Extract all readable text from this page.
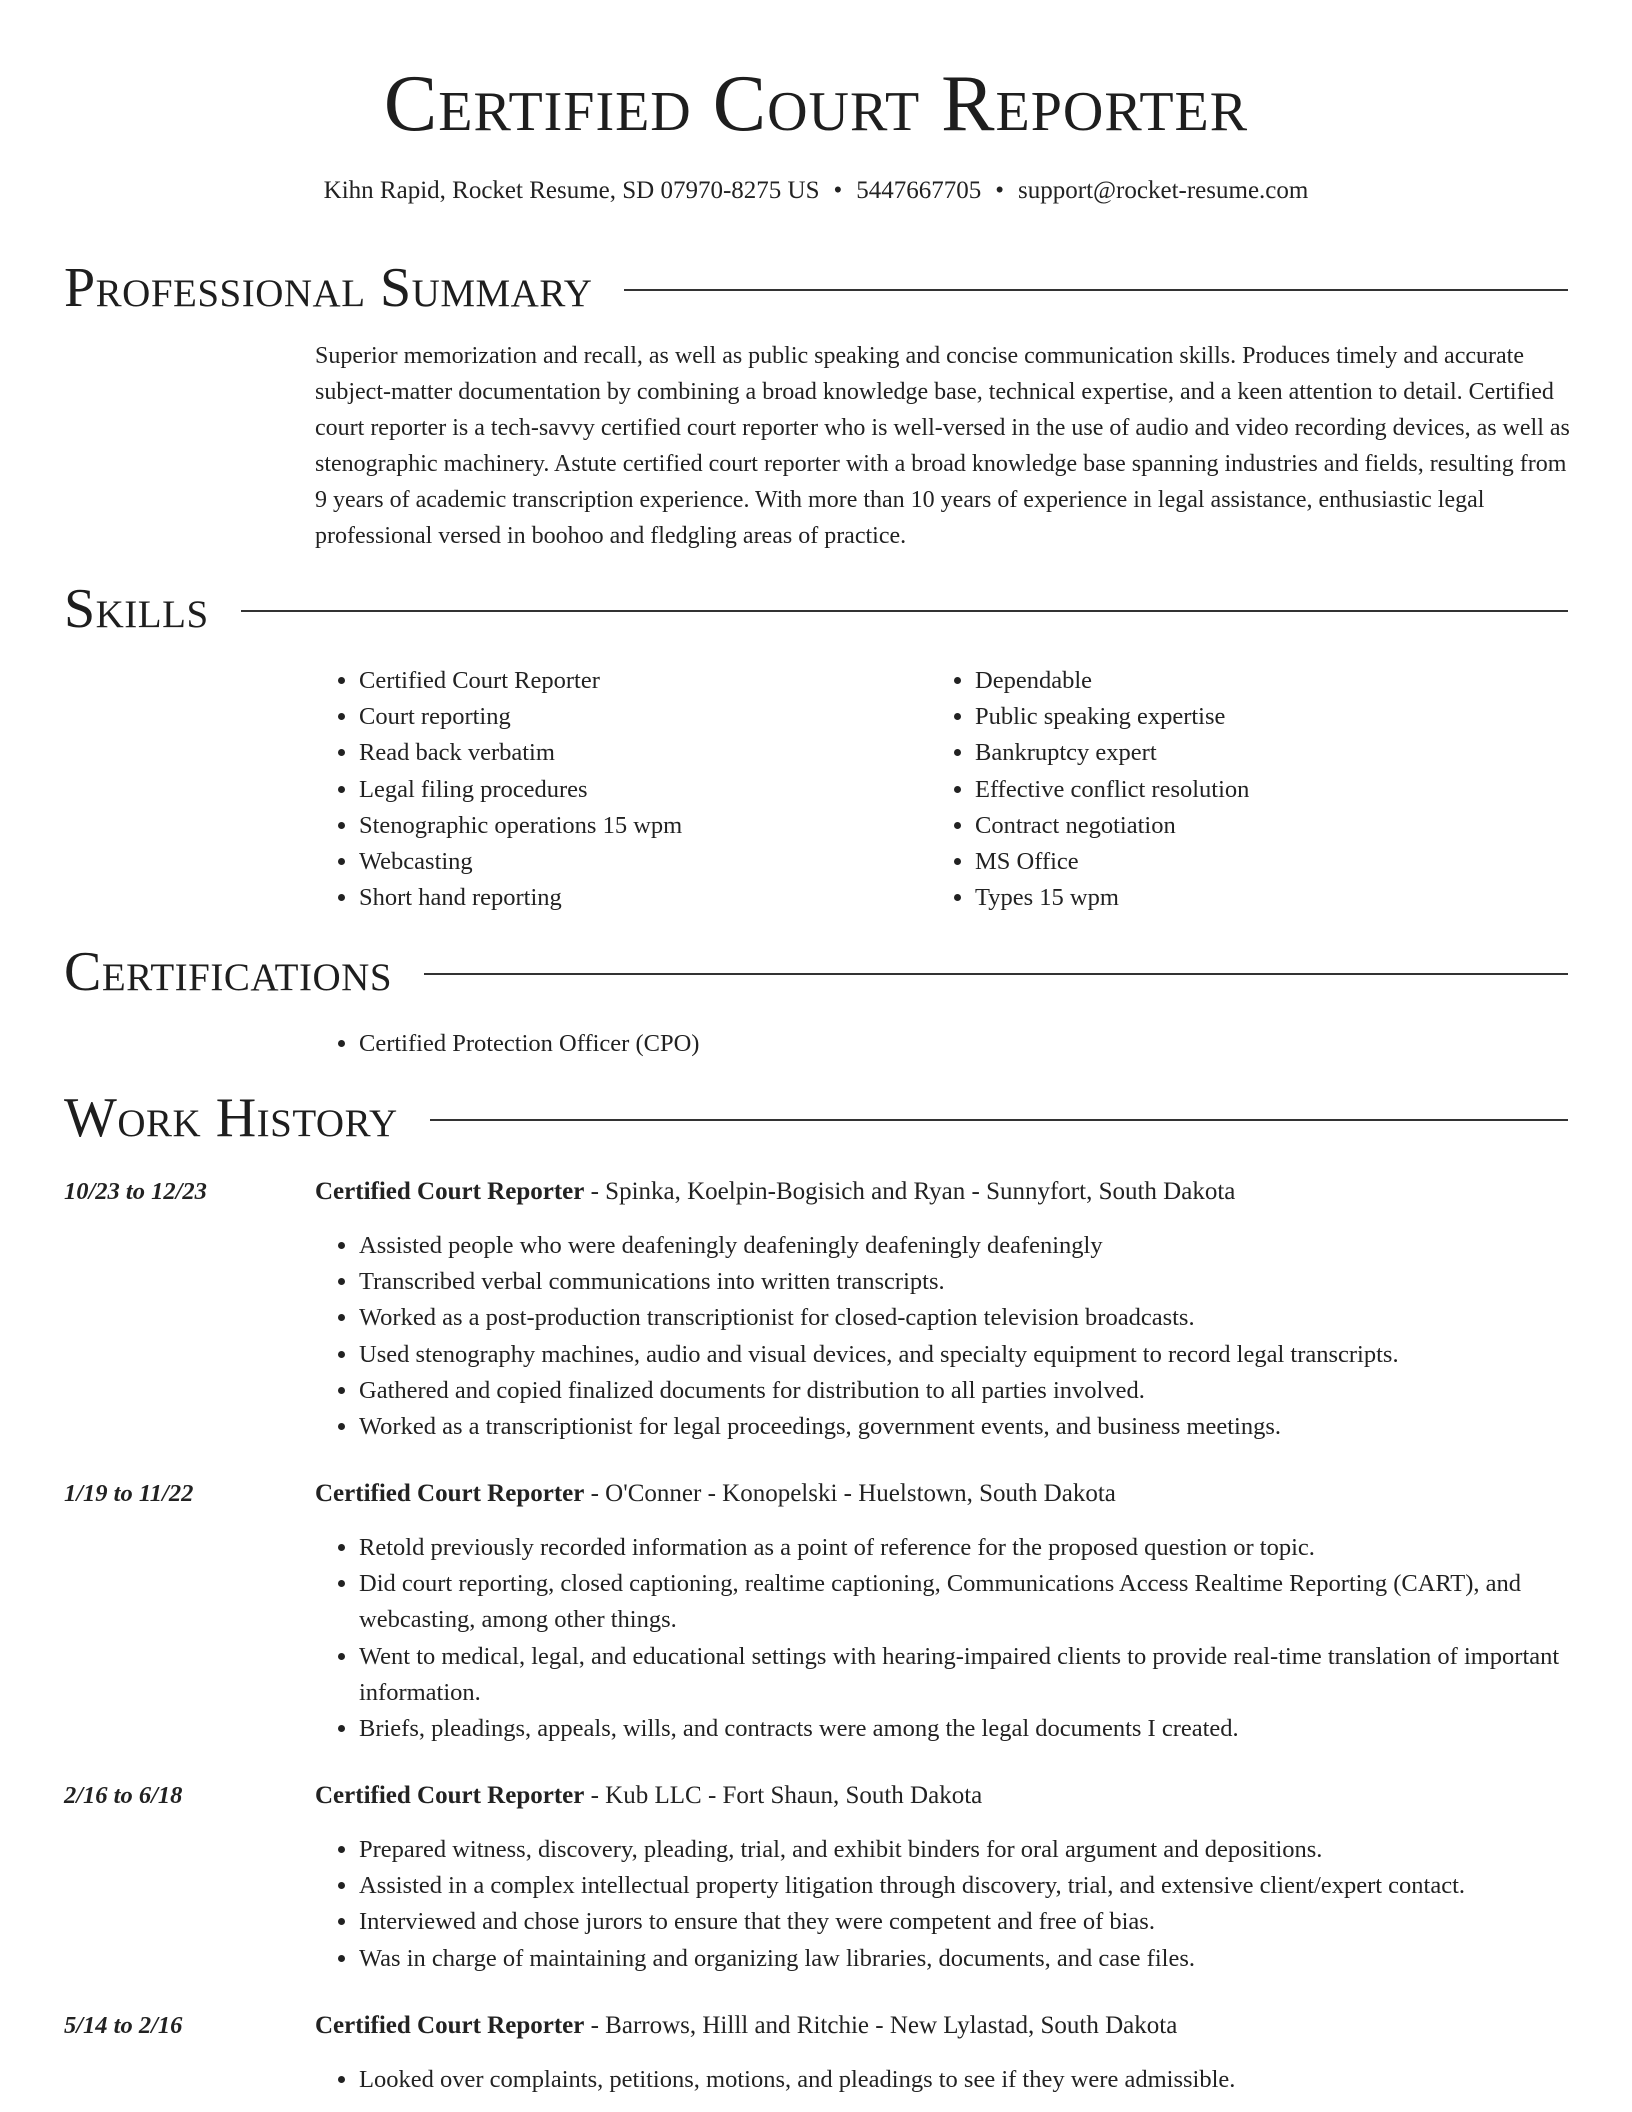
Certified Court Reporter
Kihn Rapid, Rocket Resume, SD 07970-8275 US • 5447667705 • support@rocket-resume.com
Professional Summary

Superior memorization and recall, as well as public speaking and concise communication skills. Produces timely and accurate subject-matter documentation by combining a broad knowledge base, technical expertise, and a keen attention to detail. Certified court reporter is a tech-savvy certified court reporter who is well-versed in the use of audio and video recording devices, as well as stenographic machinery. Astute certified court reporter with a broad knowledge base spanning industries and fields, resulting from 9 years of academic transcription experience. With more than 10 years of experience in legal assistance, enthusiastic legal professional versed in boohoo and fledgling areas of practice.

Skills
• Certified Court Reporter
• Court reporting
• Read back verbatim
• Legal filing procedures
• Stenographic operations 15 wpm
• Webcasting
• Short hand reporting
• Dependable
• Public speaking expertise
• Bankruptcy expert
• Effective conflict resolution
• Contract negotiation
• MS Office
• Types 15 wpm
Certifications
• Certified Protection Officer (CPO)
Work History
10/23 to 12/23	Certified Court Reporter - Spinka, Koelpin-Bogisich and Ryan - Sunnyfort, South Dakota
• Assisted people who were deafeningly deafeningly deafeningly deafeningly
• Transcribed verbal communications into written transcripts.
• Worked as a post-production transcriptionist for closed-caption television broadcasts.
• Used stenography machines, audio and visual devices, and specialty equipment to record legal transcripts.
• Gathered and copied finalized documents for distribution to all parties involved.
• Worked as a transcriptionist for legal proceedings, government events, and business meetings.
1/19 to 11/22	Certified Court Reporter - O'Conner - Konopelski - Huelstown, South Dakota
• Retold previously recorded information as a point of reference for the proposed question or topic.
• Did court reporting, closed captioning, realtime captioning, Communications Access Realtime Reporting (CART), and webcasting, among other things.
• Went to medical, legal, and educational settings with hearing-impaired clients to provide real-time translation of important information.
• Briefs, pleadings, appeals, wills, and contracts were among the legal documents I created.
2/16 to 6/18	Certified Court Reporter - Kub LLC - Fort Shaun, South Dakota
• Prepared witness, discovery, pleading, trial, and exhibit binders for oral argument and depositions.
• Assisted in a complex intellectual property litigation through discovery, trial, and extensive client/expert contact.
• Interviewed and chose jurors to ensure that they were competent and free of bias.
• Was in charge of maintaining and organizing law libraries, documents, and case files.
5/14 to 2/16	Certified Court Reporter - Barrows, Hilll and Ritchie - New Lylastad, South Dakota
• Looked over complaints, petitions, motions, and pleadings to see if they were admissible.
